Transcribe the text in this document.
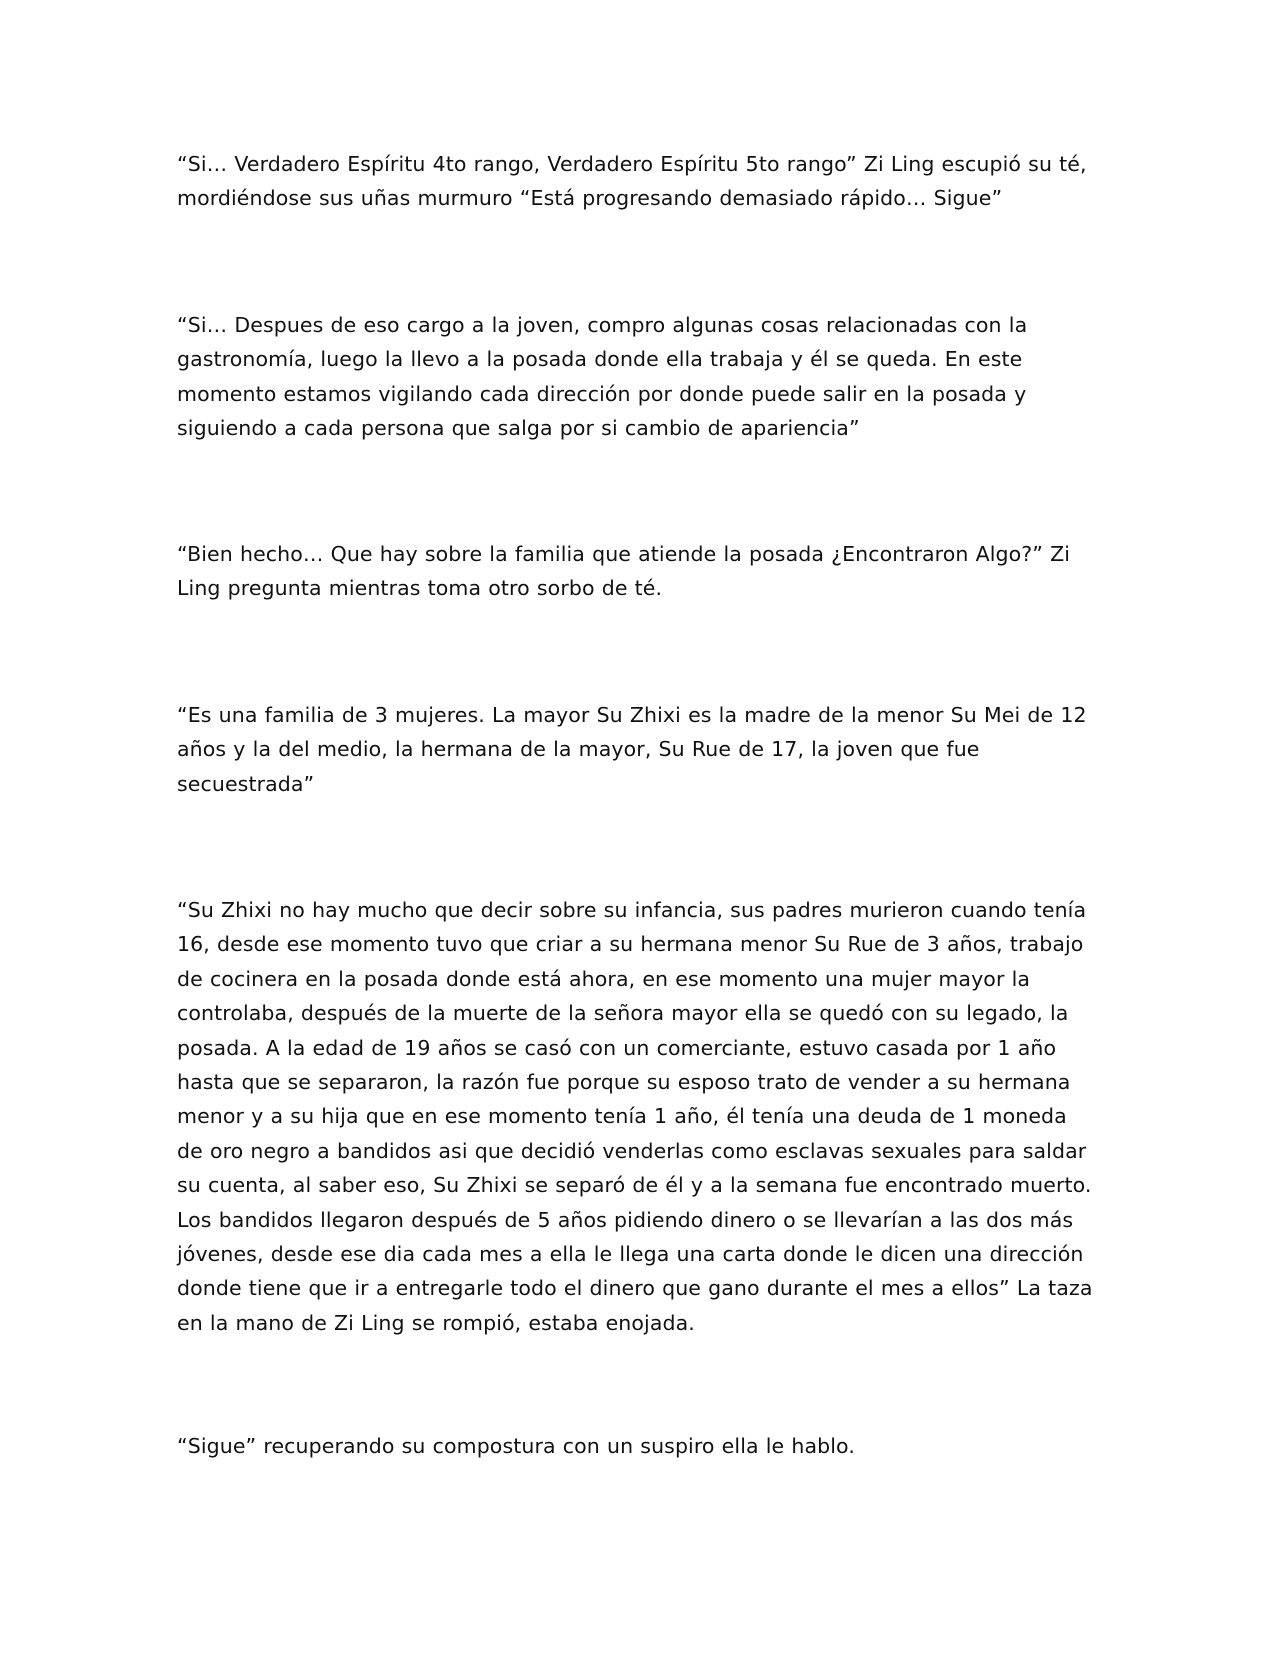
“Si… Verdadero Espíritu 4to rango, Verdadero Espíritu 5to rango” Zi Ling escupió su té, mordiéndose sus uñas murmuro “Está progresando demasiado rápido… Sigue”

“Si… Despues de eso cargo a la joven, compro algunas cosas relacionadas con la gastronomía, luego la llevo a la posada donde ella trabaja y él se queda. En este momento estamos vigilando cada dirección por donde puede salir en la posada y siguiendo a cada persona que salga por si cambio de apariencia”

“Bien hecho… Que hay sobre la familia que atiende la posada ¿Encontraron Algo?” Zi Ling pregunta mientras toma otro sorbo de té.

“Es una familia de 3 mujeres. La mayor Su Zhixi es la madre de la menor Su Mei de 12 años y la del medio, la hermana de la mayor, Su Rue de 17, la joven que fue secuestrada”

“Su Zhixi no hay mucho que decir sobre su infancia, sus padres murieron cuando tenía 16, desde ese momento tuvo que criar a su hermana menor Su Rue de 3 años, trabajo de cocinera en la posada donde está ahora, en ese momento una mujer mayor la controlaba, después de la muerte de la señora mayor ella se quedó con su legado, la posada. A la edad de 19 años se casó con un comerciante, estuvo casada por 1 año hasta que se separaron, la razón fue porque su esposo trato de vender a su hermana menor y a su hija que en ese momento tenía 1 año, él tenía una deuda de 1 moneda de oro negro a bandidos asi que decidió venderlas como esclavas sexuales para saldar su cuenta, al saber eso, Su Zhixi se separó de él y a la semana fue encontrado muerto. Los bandidos llegaron después de 5 años pidiendo dinero o se llevarían a las dos más jóvenes, desde ese dia cada mes a ella le llega una carta donde le dicen una dirección donde tiene que ir a entregarle todo el dinero que gano durante el mes a ellos” La taza en la mano de Zi Ling se rompió, estaba enojada.

“Sigue” recuperando su compostura con un suspiro ella le hablo.
